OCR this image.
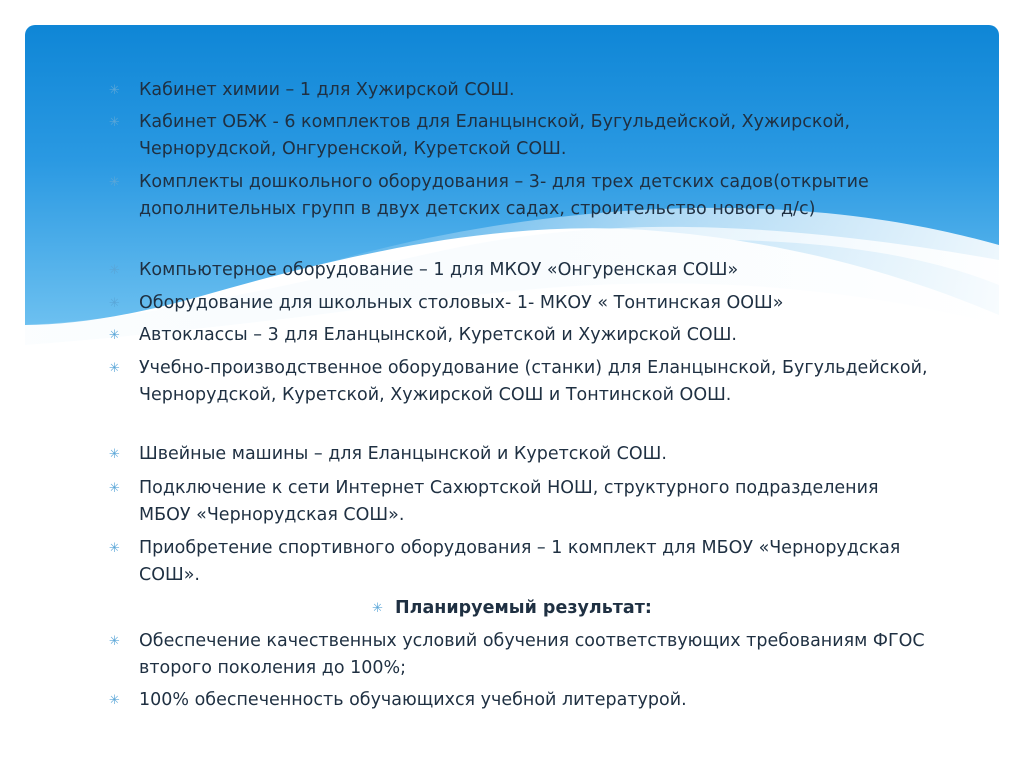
✳ Кабинет химии – 1 для Хужирской СОШ.
✳ Кабинет ОБЖ - 6 комплектов для Еланцынской, Бугульдейской, Хужирской, Чернорудской, Онгуренской, Куретской СОШ.
✳ Комплекты дошкольного оборудования – 3- для трех детских садов(открытие дополнительных групп в двух детских садах, строительство нового д/с)
✳ Компьютерное оборудование – 1 для МКОУ «Онгуренская СОШ»
✳ Оборудование для школьных столовых- 1- МКОУ « Тонтинская ООШ»
✳ Автоклассы – 3 для Еланцынской, Куретской и Хужирской СОШ.
✳ Учебно-производственное оборудование (станки) для Еланцынской, Бугульдейской, Чернорудской, Куретской, Хужирской СОШ и Тонтинской ООШ.
✳ Швейные машины – для Еланцынской и Куретской СОШ.
✳ Подключение к сети Интернет Сахюртской НОШ, структурного подразделения МБОУ «Чернорудская СОШ».
✳ Приобретение спортивного оборудования – 1 комплект для МБОУ «Чернорудская СОШ».
✳ Планируемый результат:
✳ Обеспечение качественных условий обучения соответствующих требованиям ФГОС второго поколения до 100%;
✳ 100% обеспеченность обучающихся учебной литературой.
